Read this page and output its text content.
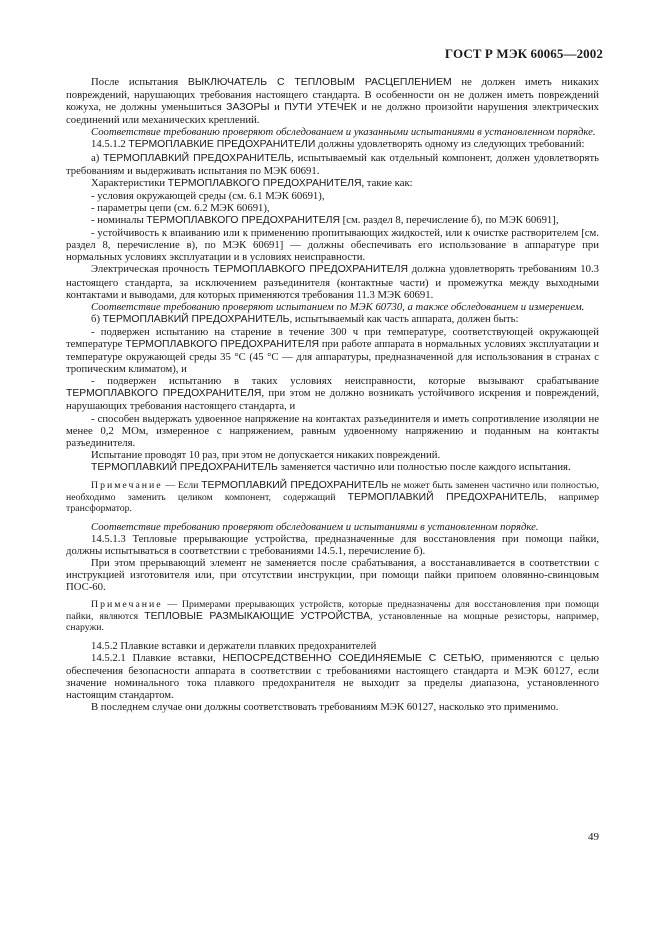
ГОСТ Р МЭК 60065—2002

После испытания ВЫКЛЮЧАТЕЛЬ С ТЕПЛОВЫМ РАСЦЕПЛЕНИЕМ не должен иметь никаких повреждений, нарушающих требования настоящего стандарта. В особенности он не должен иметь повреждений кожуха, не должны уменьшиться ЗАЗОРЫ и ПУТИ УТЕЧЕК и не должно произойти нарушения электрических соединений или механических креплений.

Соответствие требованию проверяют обследованием и указанными испытаниями в установленном порядке.

14.5.1.2 ТЕРМОПЛАВКИЕ ПРЕДОХРАНИТЕЛИ должны удовлетворять одному из следующих требований:

а) ТЕРМОПЛАВКИЙ ПРЕДОХРАНИТЕЛЬ, испытываемый как отдельный компонент, должен удовлетворять требованиям и выдерживать испытания по МЭК 60691.

Характеристики ТЕРМОПЛАВКОГО ПРЕДОХРАНИТЕЛЯ, такие как:

- условия окружающей среды (см. 6.1 МЭК 60691),

- параметры цепи (см. 6.2 МЭК 60691),

- номиналы ТЕРМОПЛАВКОГО ПРЕДОХРАНИТЕЛЯ [см. раздел 8, перечисление б), по МЭК 60691],

- устойчивость к впаиванию или к применению пропитывающих жидкостей, или к очистке растворителем [см. раздел 8, перечисление в), по МЭК 60691] — должны обеспечивать его использование в аппаратуре при нормальных условиях эксплуатации и в условиях неисправности.

Электрическая прочность ТЕРМОПЛАВКОГО ПРЕДОХРАНИТЕЛЯ должна удовлетворять требованиям 10.3 настоящего стандарта, за исключением разъединителя (контактные части) и промежутка между выходными контактами и выводами, для которых применяются требования 11.3 МЭК 60691.

Соответствие требованию проверяют испытанием по МЭК 60730, а также обследованием и измерением.

б) ТЕРМОПЛАВКИЙ ПРЕДОХРАНИТЕЛЬ, испытываемый как часть аппарата, должен быть:

- подвержен испытанию на старение в течение 300 ч при температуре, соответствующей окружающей температуре ТЕРМОПЛАВКОГО ПРЕДОХРАНИТЕЛЯ при работе аппарата в нормальных условиях эксплуатации и температуре окружающей среды 35 °С (45 °С — для аппаратуры, предназначенной для использования в странах с тропическим климатом), и

- подвержен испытанию в таких условиях неисправности, которые вызывают срабатывание ТЕРМОПЛАВКОГО ПРЕДОХРАНИТЕЛЯ, при этом не должно возникать устойчивого искрения и повреждений, нарушающих требования настоящего стандарта, и

- способен выдержать удвоенное напряжение на контактах разъединителя и иметь сопротивление изоляции не менее 0,2 МОм, измеренное с напряжением, равным удвоенному напряжению и поданным на контакты разъединителя.

Испытание проводят 10 раз, при этом не допускается никаких повреждений.

ТЕРМОПЛАВКИЙ ПРЕДОХРАНИТЕЛЬ заменяется частично или полностью после каждого испытания.

Примечание — Если ТЕРМОПЛАВКИЙ ПРЕДОХРАНИТЕЛЬ не может быть заменен частично или полностью, необходимо заменить целиком компонент, содержащий ТЕРМОПЛАВКИЙ ПРЕДОХРАНИТЕЛЬ, например трансформатор.

Соответствие требованию проверяют обследованием и испытаниями в установленном порядке.

14.5.1.3 Тепловые прерывающие устройства, предназначенные для восстановления при помощи пайки, должны испытываться в соответствии с требованиями 14.5.1, перечисление б).

При этом прерывающий элемент не заменяется после срабатывания, а восстанавливается в соответствии с инструкцией изготовителя или, при отсутствии инструкции, при помощи пайки припоем оловянно-свинцовым ПОС-60.

Примечание — Примерами прерывающих устройств, которые предназначены для восстановления при помощи пайки, являются ТЕПЛОВЫЕ РАЗМЫКАЮЩИЕ УСТРОЙСТВА, установленные на мощные резисторы, например, снаружи.

14.5.2 Плавкие вставки и держатели плавких предохранителей

14.5.2.1 Плавкие вставки, НЕПОСРЕДСТВЕННО СОЕДИНЯЕМЫЕ С СЕТЬЮ, применяются с целью обеспечения безопасности аппарата в соответствии с требованиями настоящего стандарта и МЭК 60127, если значение номинального тока плавкого предохранителя не выходит за пределы диапазона, установленного настоящим стандартом.

В последнем случае они должны соответствовать требованиям МЭК 60127, насколько это применимо.

49
